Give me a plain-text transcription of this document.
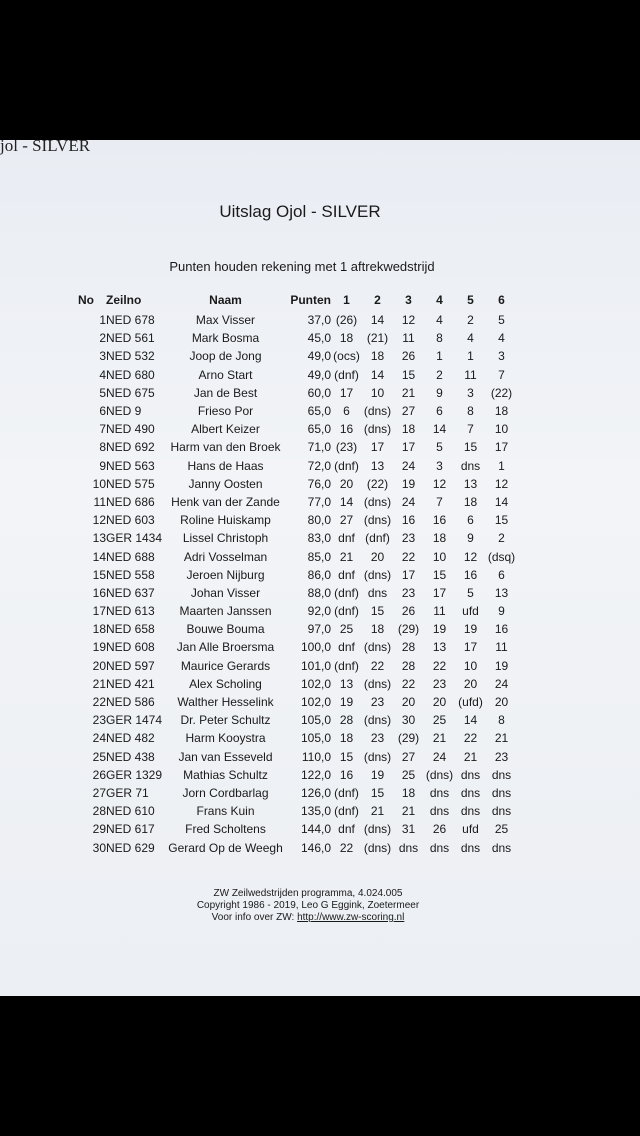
jol - SILVER
Uitslag Ojol - SILVER
Punten houden rekening met 1 aftrekwedstrijd
No	Zeilno	Naam	Punten	1	2	3	4	5	6
1	NED 678	Max Visser	37,0	(26)	14	12	4	2	5
2	NED 561	Mark Bosma	45,0	18	(21)	11	8	4	4
3	NED 532	Joop de Jong	49,0	(ocs)	18	26	1	1	3
4	NED 680	Arno Start	49,0	(dnf)	14	15	2	11	7
5	NED 675	Jan de Best	60,0	17	10	21	9	3	(22)
6	NED 9	Frieso Por	65,0	6	(dns)	27	6	8	18
7	NED 490	Albert Keizer	65,0	16	(dns)	18	14	7	10
8	NED 692	Harm van den Broek	71,0	(23)	17	17	5	15	17
9	NED 563	Hans de Haas	72,0	(dnf)	13	24	3	dns	1
10	NED 575	Janny Oosten	76,0	20	(22)	19	12	13	12
11	NED 686	Henk van der Zande	77,0	14	(dns)	24	7	18	14
12	NED 603	Roline Huiskamp	80,0	27	(dns)	16	16	6	15
13	GER 1434	Lissel Christoph	83,0	dnf	(dnf)	23	18	9	2
14	NED 688	Adri Vosselman	85,0	21	20	22	10	12	(dsq)
15	NED 558	Jeroen Nijburg	86,0	dnf	(dns)	17	15	16	6
16	NED 637	Johan Visser	88,0	(dnf)	dns	23	17	5	13
17	NED 613	Maarten Janssen	92,0	(dnf)	15	26	11	ufd	9
18	NED 658	Bouwe Bouma	97,0	25	18	(29)	19	19	16
19	NED 608	Jan Alle Broersma	100,0	dnf	(dns)	28	13	17	11
20	NED 597	Maurice Gerards	101,0	(dnf)	22	28	22	10	19
21	NED 421	Alex Scholing	102,0	13	(dns)	22	23	20	24
22	NED 586	Walther Hesselink	102,0	19	23	20	20	(ufd)	20
23	GER 1474	Dr. Peter Schultz	105,0	28	(dns)	30	25	14	8
24	NED 482	Harm Kooystra	105,0	18	23	(29)	21	22	21
25	NED 438	Jan van Esseveld	110,0	15	(dns)	27	24	21	23
26	GER 1329	Mathias Schultz	122,0	16	19	25	(dns)	dns	dns
27	GER 71	Jorn Cordbarlag	126,0	(dnf)	15	18	dns	dns	dns
28	NED 610	Frans Kuin	135,0	(dnf)	21	21	dns	dns	dns
29	NED 617	Fred Scholtens	144,0	dnf	(dns)	31	26	ufd	25
30	NED 629	Gerard Op de Weegh	146,0	22	(dns)	dns	dns	dns	dns
ZW Zeilwedstrijden programma, 4.024.005
Copyright 1986 - 2019, Leo G Eggink, Zoetermeer
Voor info over ZW: http://www.zw-scoring.nl
